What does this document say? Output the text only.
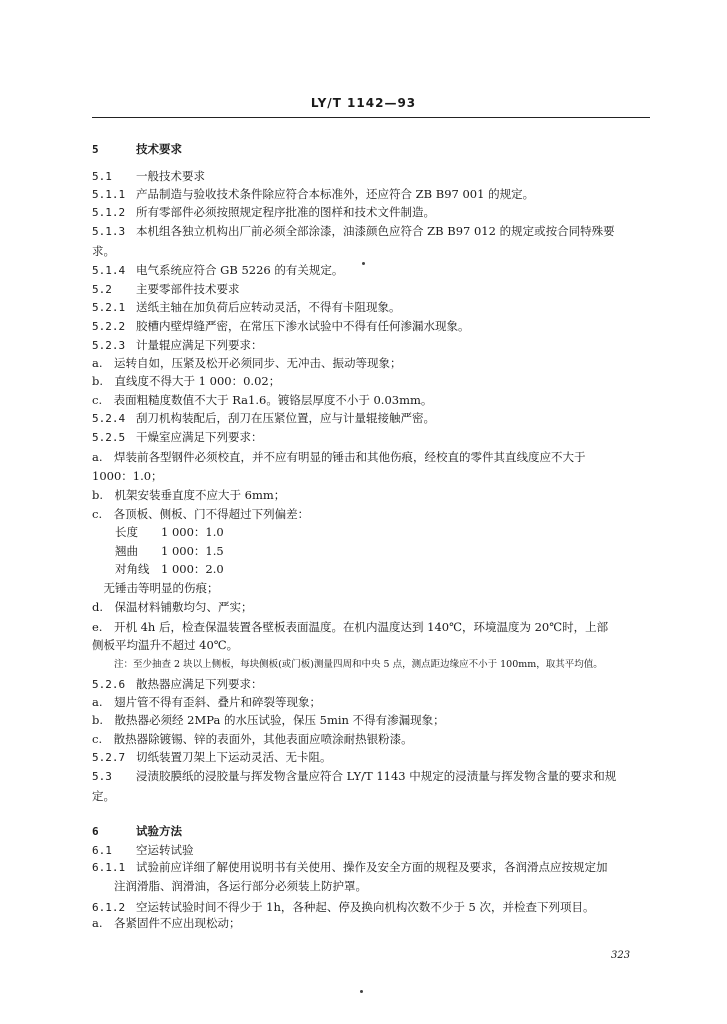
LY/T 1142—93
5	技术要求
5.1 一般技术要求
5.1.1 产品制造与验收技术条件除应符合本标准外，还应符合 ZB B97 001 的规定。
5.1.2 所有零部件必须按照规定程序批准的图样和技术文件制造。
5.1.3 本机组各独立机构出厂前必须全部涂漆，油漆颜色应符合 ZB B97 012 的规定或按合同特殊要
求。
5.1.4 电气系统应符合 GB 5226 的有关规定。
5.2 主要零部件技术要求
5.2.1 送纸主轴在加负荷后应转动灵活，不得有卡阻现象。
5.2.2 胶槽内壁焊缝严密，在常压下渗水试验中不得有任何渗漏水现象。
5.2.3 计量辊应满足下列要求：
a.　运转自如，压紧及松开必须同步、无冲击、振动等现象；
b.　直线度不得大于 1 000：0.02；
c.　表面粗糙度数值不大于 Ra1.6。镀铬层厚度不小于 0.03mm。
5.2.4 刮刀机构装配后，刮刀在压紧位置，应与计量辊接触严密。
5.2.5 干燥室应满足下列要求：
a.　焊装前各型钢件必须校直，并不应有明显的锤击和其他伤痕，经校直的零件其直线度应不大于
1000：1.0；
b.　机架安装垂直度不应大于 6mm；
c.　各顶板、侧板、门不得超过下列偏差：
　　长度　　1 000：1.0
　　翘曲　　1 000：1.5
　　对角线　1 000：2.0
　无锤击等明显的伤痕；
d.　保温材料铺敷均匀、严实；
e.　开机 4h 后，检查保温装置各壁板表面温度。在机内温度达到 140℃，环境温度为 20℃时，上部
侧板平均温升不超过 40℃。
注：至少抽查 2 块以上侧板，每块侧板(或门板)测量四周和中央 5 点，测点距边缘应不小于 100mm，取其平均值。
5.2.6 散热器应满足下列要求：
a.　翅片管不得有歪斜、叠片和碎裂等现象；
b.　散热器必须经 2MPa 的水压试验，保压 5min 不得有渗漏现象；
c.　散热器除镀锡、锌的表面外，其他表面应喷涂耐热银粉漆。
5.2.7 切纸装置刀架上下运动灵活、无卡阻。
5.3 浸渍胶膜纸的浸胶量与挥发物含量应符合 LY/T 1143 中规定的浸渍量与挥发物含量的要求和规
定。
6	试验方法
6.1 空运转试验
6.1.1 试验前应详细了解使用说明书有关使用、操作及安全方面的规程及要求，各润滑点应按规定加
注润滑脂、润滑油，各运行部分必须装上防护罩。
6.1.2 空运转试验时间不得少于 1h，各种起、停及换向机构次数不少于 5 次，并检查下列项目。
a.　各紧固件不应出现松动；
323
